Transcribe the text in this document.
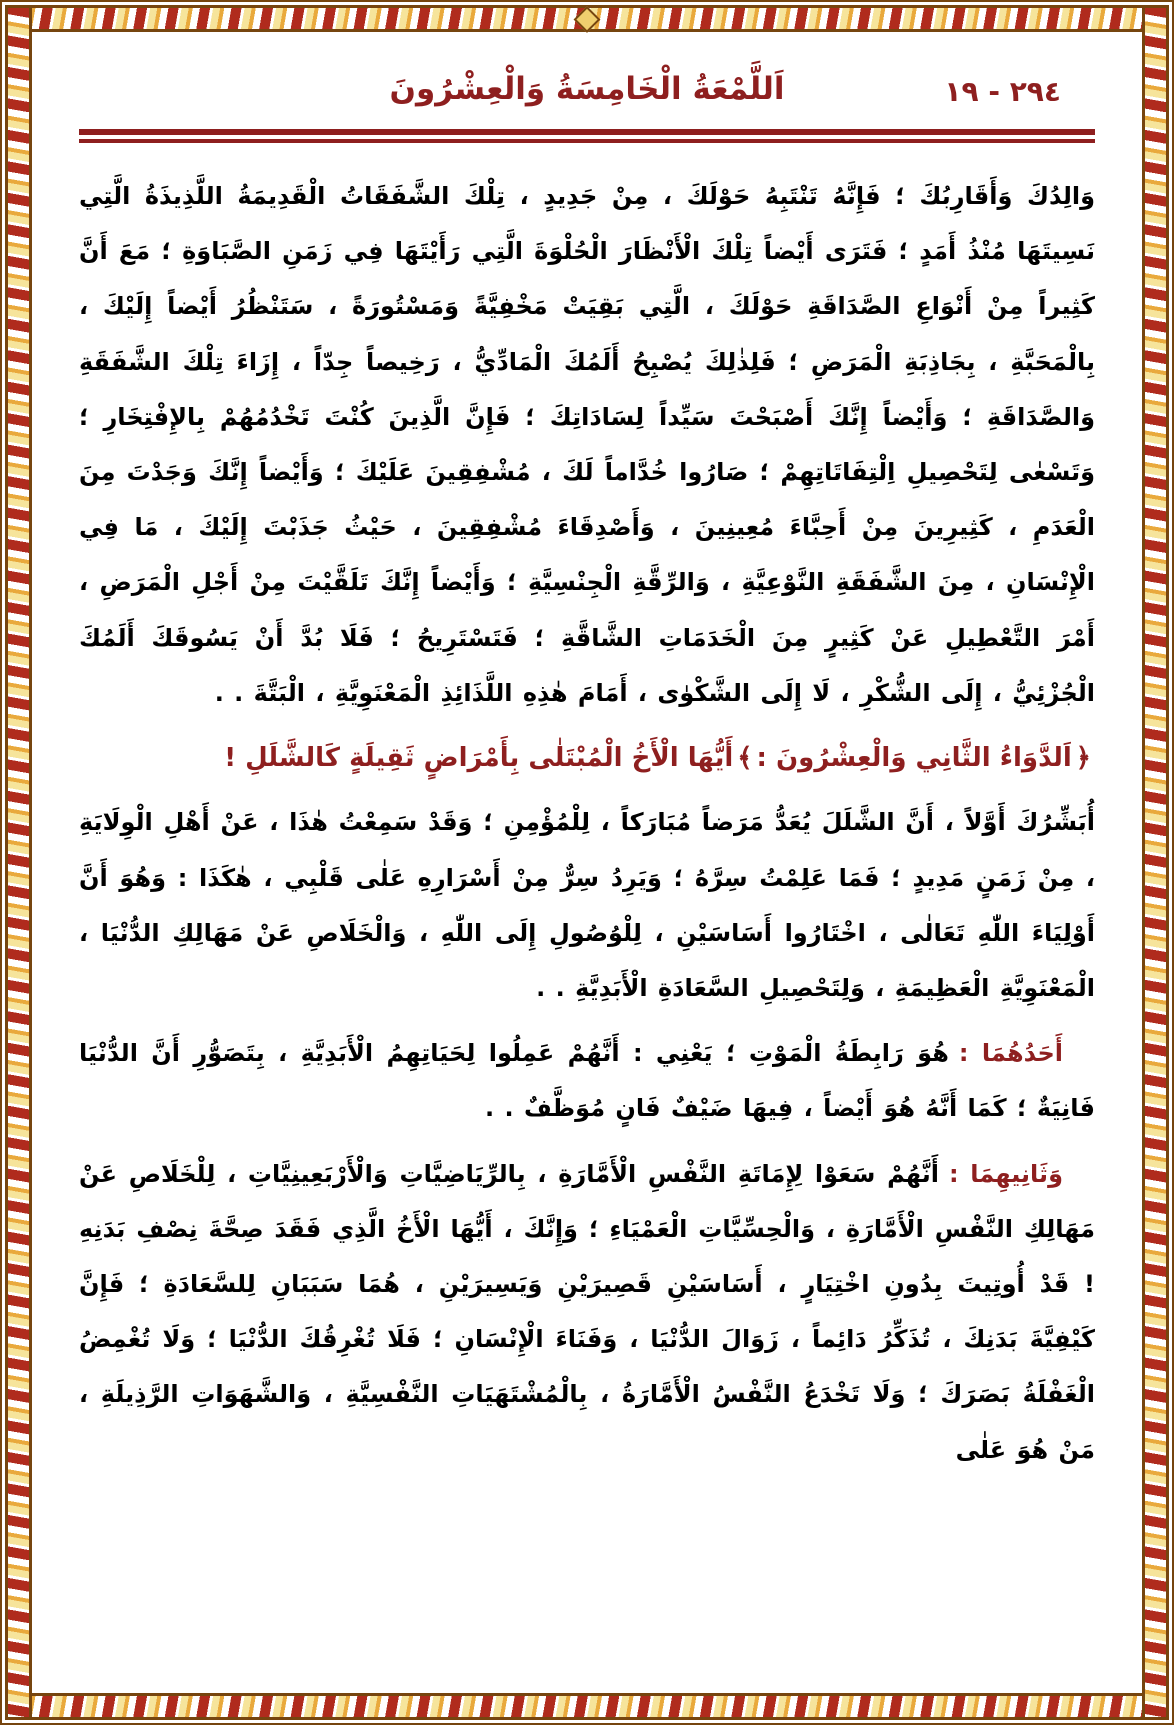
اَللَّمْعَةُ الْخَامِسَةُ وَالْعِشْرُونَ	٢٩٤ - ١٩

وَالِدُكَ وَأَقَارِبُكَ ؛ فَإِنَّهُ تَنْتَبِهُ حَوْلَكَ ، مِنْ جَدِيدٍ ، تِلْكَ الشَّفَقَاتُ الْقَدِيمَةُ اللَّذِيذَةُ الَّتِي نَسِيتَهَا مُنْذُ أَمَدٍ ؛ فَتَرَى أَيْضاً تِلْكَ الْأَنْظَارَ الْحُلْوَةَ الَّتِي رَأَيْتَهَا فِي زَمَنِ الصَّبَاوَةِ ؛ مَعَ أَنَّ كَثِيراً مِنْ أَنْوَاعِ الصَّدَاقَةِ حَوْلَكَ ، الَّتِي بَقِيَتْ مَخْفِيَّةً وَمَسْتُورَةً ، سَتَنْظُرُ أَيْضاً إِلَيْكَ ، بِالْمَحَبَّةِ ، بِجَاذِبَةِ الْمَرَضِ ؛ فَلِذٰلِكَ يُصْبِحُ أَلَمُكَ الْمَادِّيُّ ، رَخِيصاً جِدّاً ، إِزَاءَ تِلْكَ الشَّفَقَةِ وَالصَّدَاقَةِ ؛ وَأَيْضاً إِنَّكَ أَصْبَحْتَ سَيِّداً لِسَادَاتِكَ ؛ فَإِنَّ الَّذِينَ كُنْتَ تَخْدُمُهُمْ بِالإِفْتِخَارِ ؛ وَتَسْعٰى لِتَحْصِيلِ اِلْتِفَاتَاتِهِمْ ؛ صَارُوا خُدَّاماً لَكَ ، مُشْفِقِينَ عَلَيْكَ ؛ وَأَيْضاً إِنَّكَ وَجَدْتَ مِنَ الْعَدَمِ ، كَثِيرِينَ مِنْ أَحِبَّاءَ مُعِينِينَ ، وَأَصْدِقَاءَ مُشْفِقِينَ ، حَيْثُ جَذَبْتَ إِلَيْكَ ، مَا فِي الْإِنْسَانِ ، مِنَ الشَّفَقَةِ النَّوْعِيَّةِ ، وَالرِّقَّةِ الْجِنْسِيَّةِ ؛ وَأَيْضاً إِنَّكَ تَلَقَّيْتَ مِنْ أَجْلِ الْمَرَضِ ، أَمْرَ التَّعْطِيلِ عَنْ كَثِيرٍ مِنَ الْخَدَمَاتِ الشَّاقَّةِ ؛ فَتَسْتَرِيحُ ؛ فَلَا بُدَّ أَنْ يَسُوقَكَ أَلَمُكَ الْجُزْئِيُّ ، إِلَى الشُّكْرِ ، لَا إِلَى الشَّكْوٰى ، أَمَامَ هٰذِهِ اللَّذَائِذِ الْمَعْنَوِيَّةِ ، الْبَتَّةَ . .

﴿اَلدَّوَاءُ الثَّانِي وَالْعِشْرُونَ :﴾أَيُّهَا الْأَخُ الْمُبْتَلٰى بِأَمْرَاضٍ ثَقِيلَةٍ كَالشَّلَلِ !

أُبَشِّرُكَ أَوَّلاً ، أَنَّ الشَّلَلَ يُعَدُّ مَرَضاً مُبَارَكاً ، لِلْمُؤْمِنِ ؛ وَقَدْ سَمِعْتُ هٰذَا ، عَنْ أَهْلِ الْوِلَايَةِ ، مِنْ زَمَنٍ مَدِيدٍ ؛ فَمَا عَلِمْتُ سِرَّهُ ؛ وَيَرِدُ سِرٌّ مِنْ أَسْرَارِهِ عَلٰى قَلْبِي ، هٰكَذَا : وَهُوَ أَنَّ أَوْلِيَاءَ اللّٰهِ تَعَالٰى ، اخْتَارُوا أَسَاسَيْنِ ، لِلْوُصُولِ إِلَى اللّٰهِ ، وَالْخَلَاصِ عَنْ مَهَالِكِ الدُّنْيَا ، الْمَعْنَوِيَّةِ الْعَظِيمَةِ ، وَلِتَحْصِيلِ السَّعَادَةِ الْأَبَدِيَّةِ . .

أَحَدُهُمَا :هُوَ رَابِطَةُ الْمَوْتِ ؛ يَعْنِي : أَنَّهُمْ عَمِلُوا لِحَيَاتِهِمُ الْأَبَدِيَّةِ ، بِتَصَوُّرِ أَنَّ الدُّنْيَا فَانِيَةٌ ؛ كَمَا أَنَّهُ هُوَ أَيْضاً ، فِيهَا ضَيْفٌ فَانٍ مُوَظَّفٌ . .

وَثَانِيهِمَا :أَنَّهُمْ سَعَوْا لِإِمَاتَةِ النَّفْسِ الْأَمَّارَةِ ، بِالرِّيَاضِيَّاتِ وَالْأَرْبَعِينِيَّاتِ ، لِلْخَلَاصِ عَنْ مَهَالِكِ النَّفْسِ الْأَمَّارَةِ ، وَالْحِسِّيَّاتِ الْعَمْيَاءِ ؛ وَإِنَّكَ ، أَيُّهَا الْأَخُ الَّذِي فَقَدَ صِحَّةَ نِصْفِ بَدَنِهِ ! قَدْ أُوتِيتَ بِدُونِ اخْتِيَارٍ ، أَسَاسَيْنِ قَصِيرَيْنِ وَيَسِيرَيْنِ ، هُمَا سَبَبَانِ لِلسَّعَادَةِ ؛ فَإِنَّ كَيْفِيَّةَ بَدَنِكَ ، تُذَكِّرُ دَائِماً ، زَوَالَ الدُّنْيَا ، وَفَنَاءَ الْإِنْسَانِ ؛ فَلَا تُغْرِقُكَ الدُّنْيَا ؛ وَلَا تُغْمِضُ الْغَفْلَةُ بَصَرَكَ ؛ وَلَا تَخْدَعُ النَّفْسُ الْأَمَّارَةُ ، بِالْمُشْتَهَيَاتِ النَّفْسِيَّةِ ، وَالشَّهَوَاتِ الرَّذِيلَةِ ، مَنْ هُوَ عَلٰى
